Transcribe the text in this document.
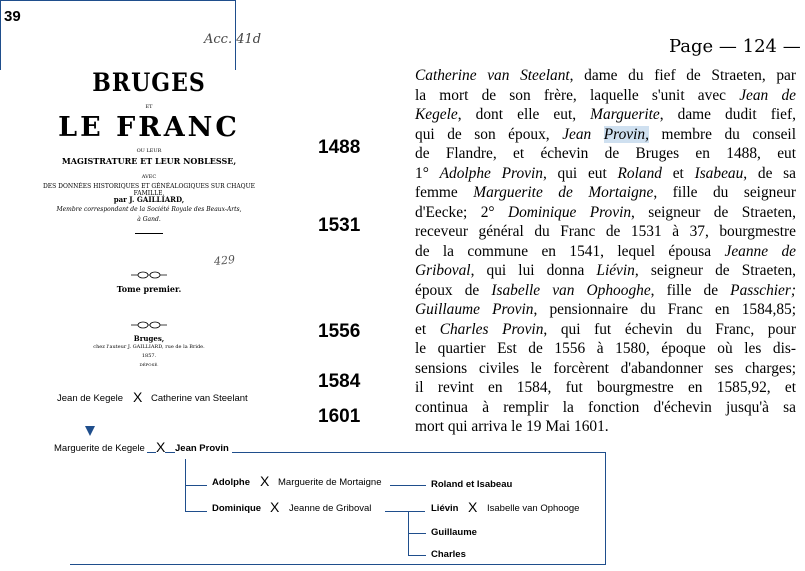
39
Acc. 41d
BRUGES
ET
LE FRANC
OU LEUR
MAGISTRATURE ET LEUR NOBLESSE,
AVEC
DES DONNÉES HISTORIQUES ET GÉNÉALOGIQUES SUR CHAQUE FAMILLE,
par J. GAILLIARD,
Membre correspondant de la Société Royale des Beaux-Arts,
à Gand.
429
Tome premier.
Bruges,
chez l'auteur J. GAILLIARD, rue de la Bride.
1857.
DÉPOSÉ.
Page — 124 —
1488
1531
1556
1584
1601
Catherine van Steelant, dame du fief de Straeten, par
la mort de son frère, laquelle s'unit avec Jean de
Kegele, dont elle eut, Marguerite, dame dudit fief,
qui de son époux, Jean Provin, membre du conseil
de Flandre, et échevin de Bruges en 1488, eut
1° Adolphe Provin, qui eut Roland et Isabeau, de sa
femme Marguerite de Mortaigne, fille du seigneur
d'Eecke; 2° Dominique Provin, seigneur de Straeten,
receveur général du Franc de 1531 à 37, bourgmestre
de la commune en 1541, lequel épousa Jeanne de
Griboval, qui lui donna Liévin, seigneur de Straeten,
époux de Isabelle van Ophooghe, fille de Passchier;
Guillaume Provin, pensionnaire du Franc en 1584,85;
et Charles Provin, qui fut échevin du Franc, pour
le quartier Est de 1556 à 1580, époque où les dis-
sensions civiles le forcèrent d'abandonner ses charges;
il revint en 1584, fut bourgmestre en 1585,92, et
continua à remplir la fonction d'échevin jusqu'à sa
mort qui arriva le 19 Mai 1601.
Jean de Kegele X Catherine van Steelant
Marguerite de Kegele X Jean Provin
Adolphe X Marguerite de Mortaigne	Roland et Isabeau
Dominique X Jeanne de Griboval	Liévin X Isabelle van Ophooge
Guillaume
Charles
